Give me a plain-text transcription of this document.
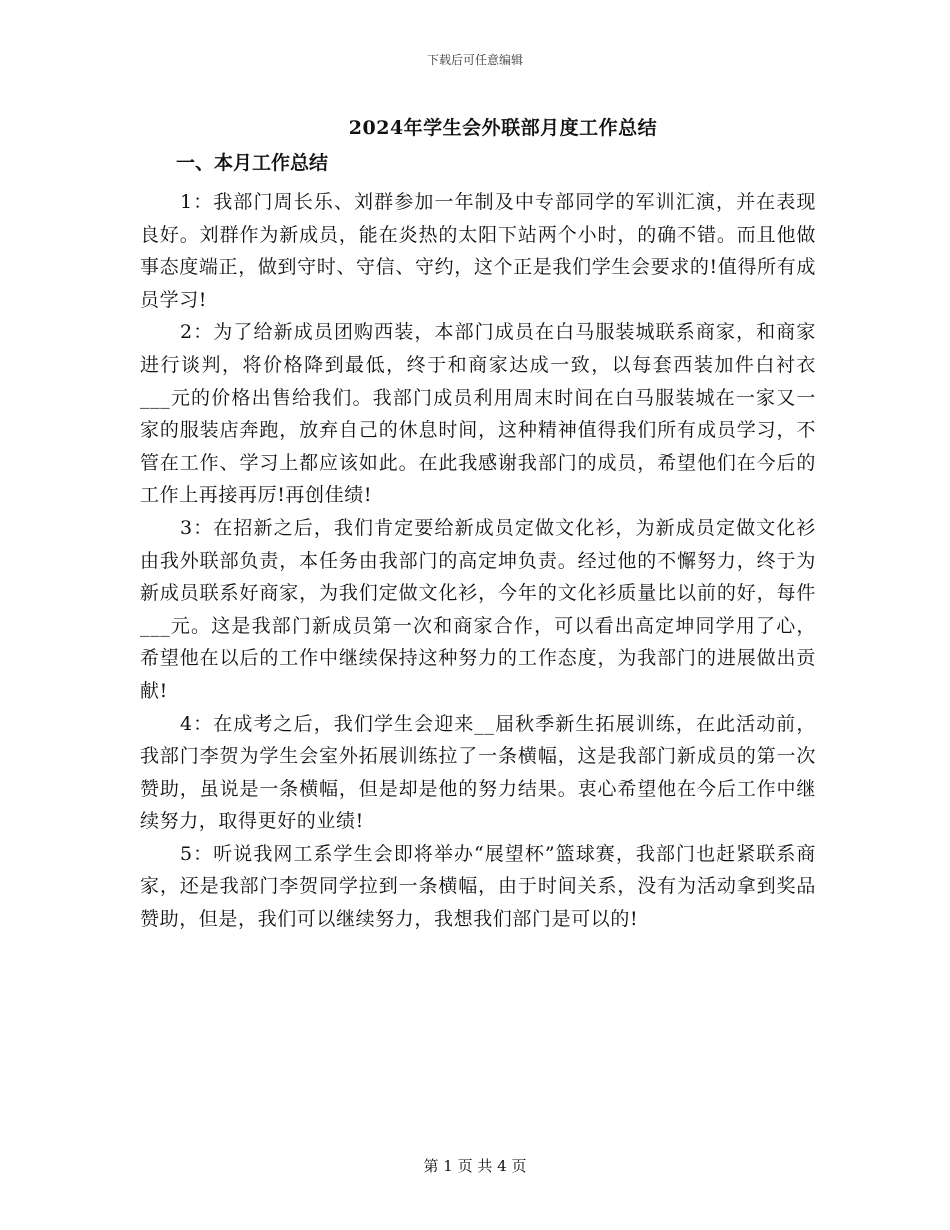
下载后可任意编辑
2024年学生会外联部月度工作总结
一、本月工作总结

1：我部门周长乐、刘群参加一年制及中专部同学的军训汇演，并在表现良好。刘群作为新成员，能在炎热的太阳下站两个小时，的确不错。而且他做事态度端正，做到守时、守信、守约，这个正是我们学生会要求的!值得所有成员学习!

2：为了给新成员团购西装，本部门成员在白马服装城联系商家，和商家进行谈判，将价格降到最低，终于和商家达成一致，以每套西装加件白衬衣___元的价格出售给我们。我部门成员利用周末时间在白马服装城在一家又一家的服装店奔跑，放弃自己的休息时间，这种精神值得我们所有成员学习，不管在工作、学习上都应该如此。在此我感谢我部门的成员，希望他们在今后的工作上再接再厉!再创佳绩!

3：在招新之后，我们肯定要给新成员定做文化衫，为新成员定做文化衫由我外联部负责，本任务由我部门的高定坤负责。经过他的不懈努力，终于为新成员联系好商家，为我们定做文化衫，今年的文化衫质量比以前的好，每件___元。这是我部门新成员第一次和商家合作，可以看出高定坤同学用了心，希望他在以后的工作中继续保持这种努力的工作态度，为我部门的进展做出贡献!

4：在成考之后，我们学生会迎来__届秋季新生拓展训练，在此活动前，我部门李贺为学生会室外拓展训练拉了一条横幅，这是我部门新成员的第一次赞助，虽说是一条横幅，但是却是他的努力结果。衷心希望他在今后工作中继续努力，取得更好的业绩!

5：听说我网工系学生会即将举办“展望杯”篮球赛，我部门也赶紧联系商家，还是我部门李贺同学拉到一条横幅，由于时间关系，没有为活动拿到奖品赞助，但是，我们可以继续努力，我想我们部门是可以的!

第 1 页 共 4 页
